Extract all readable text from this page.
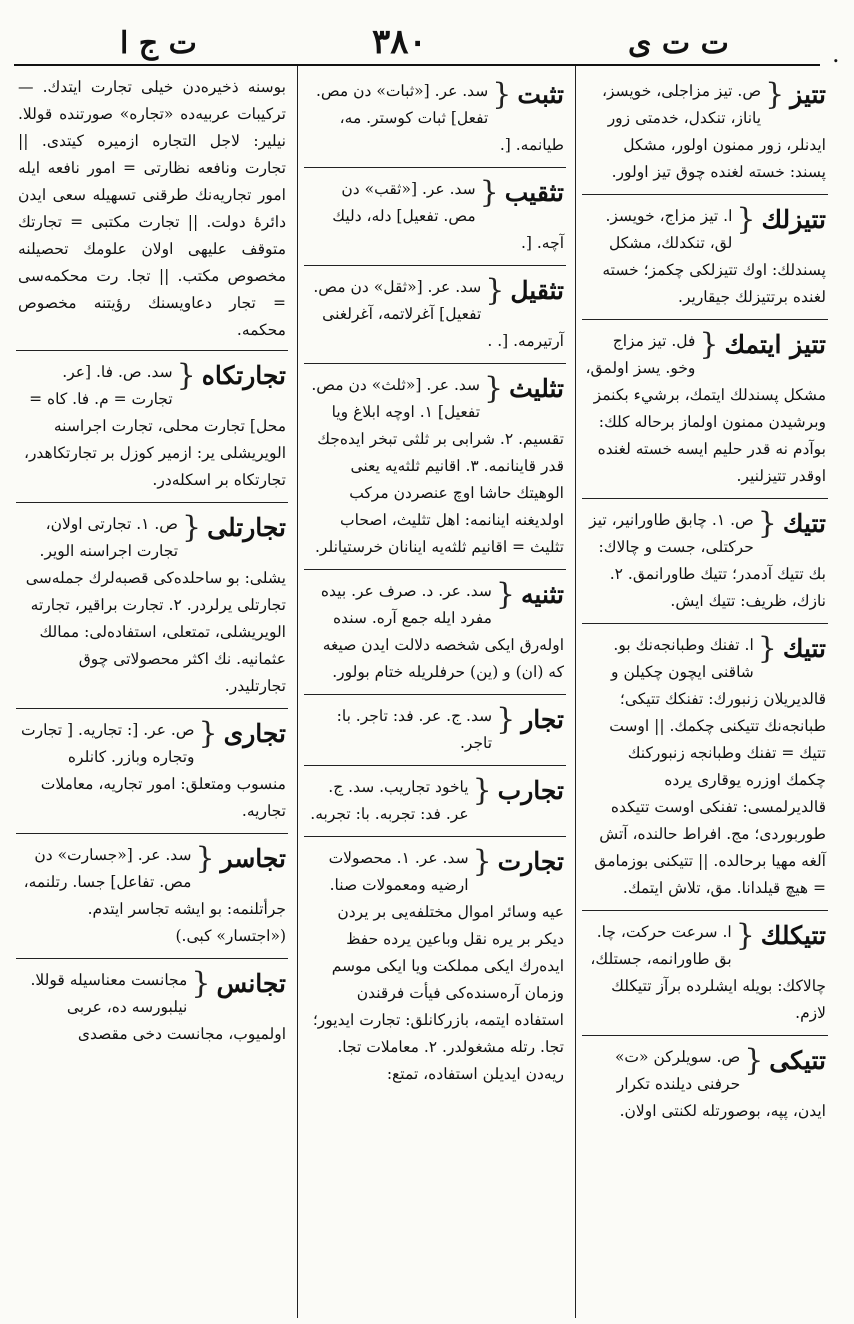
ت ج ا	٣٨٠	ت ت ى	.
تتيز
{
ص. تيز مزاجلى، خويسز، ياناز، تنكدل، خدمتى زور ايدنلر، زور ممنون اولور، مشكل پسند: خسته لغنده چوق تيز اولور.
تتيزلك
{
ا. تيز مزاج، خويسز. لق، تنكدلك، مشكل پسندلك: اوك تتيزلكى چكمز؛ خسته لغنده برتتيزلك جيقارير.
تتيز ايتمك
{
فل. تيز مزاج وخو. يسز اولمق، مشكل پسندلك ايتمك، برشيء بكنمز وبرشيدن ممنون اولماز برحاله كلك: بوآدم نه قدر حليم ايسه خسته لغنده اوقدر تتيزلنير.
تتيك
{
ص. ١. چابق طاورانير، تيز حركتلى، جست و چالاك: بك تتيك آدمدر؛ تتيك طاورانمق. ٢. نازك، ظريف: تتيك ايش.
تتيك
{
ا. تفنك وطبانجه‌نك بو. شاقنى ايچون چكيلن و قالديريلان زنبورك: تفنكك تتيكى؛ طبانجه‌نك تتيكنى چكمك. || اوست تتيك = تفنك وطبانجه زنبوركنك چكمك اوزره يوقارى يرده قالديرلمسى: تفنكى اوست تتيكده طوربوردى؛ مج. افراط حالنده، آتش آلغه مهيا برحالده. || تتيكنى بوزمامق = هيچ قيلدانا. مق، تلاش ايتمك.
تتيكلك
{
ا. سرعت حركت، چا. بق طاورانمه، جستلك، چالاكك: بويله ايشلرده برآز تتيكلك لازم.
تتيكى
{
ص. سويلركن «ت» حرفنى ديلنده تكرار ايدن، پپه، بوصورتله لكنتى اولان.
تثبت
{
سد. عر. [«ثبات» دن مص. تفعل] ثبات كوستر. مه، طيانمه. [.
تثقيب
{
سد. عر. [«ثقب» دن مص. تفعيل] دله، دليك آچه. [.
تثقيل
{
سد. عر. [«ثقل» دن مص. تفعيل] آغرلاتمه، آغرلغنى آرتيرمه. [. .
تثليث
{
سد. عر. [«ثلث» دن مص. تفعيل] ١. اوچه ابلاغ ويا تقسيم. ٢. شرابى بر ثلثى تبخر ايده‌جك قدر قاينانمه. ٣. اقانيم ثلثه‌يه يعنى الوهيتك حاشا اوچ عنصردن مركب اولديغنه اينانمه: اهل تثليث، اصحاب تثليث = اقانيم ثلثه‌يه اينانان خرستيانلر.
تثنيه
{
سد. عر. د. صرف عر. بيده مفرد ايله جمع آره. سنده اوله‌رق ايكى شخصه دلالت ايدن صيغه كه (ان) و (ين) حرفلريله ختام بولور.
تجار
{
سد. ج. عر. فد: تاجر. با: تاجر.
تجارب
{
ياخود تجاريب. سد. ج. عر. فد: تجربه. با: تجربه.
تجارت
{
سد. عر. ١. محصولات ارضيه ومعمولات صنا. عيه وسائر اموال مختلفه‌يى بر يردن ديكر بر يره نقل وباعين يرده حفظ ايده‌رك ايكى مملكت ويا ايكى موسم وزمان آره‌سنده‌كى فيأت فرقندن استفاده ايتمه، بازركانلق: تجارت ايديور؛ تجا. رتله مشغولدر. ٢. معاملات تجا. ريه‌دن ايديلن استفاده، تمتع:
بوسنه ذخيره‌دن خيلى تجارت ايتدك. — تركيبات عربيه‌ده «تجاره» صورتنده قوللا. نيلير: لاجل التجاره ازميره كيتدى. || تجارت ونافعه نظارتى = امور نافعه ايله امور تجاريه‌نك طرقنى تسهيله سعى ايدن دائرهٔ دولت. || تجارت مكتبى = تجارتك متوقف عليهى اولان علومك تحصيلنه مخصوص مكتب. || تجا. رت محكمه‌سى = تجار دعاويسنك رؤيتنه مخصوص محكمه.
تجارتكاه
{
سد. ص. فا. [عر. تجارت = م. فا. كاه = محل] تجارت محلى، تجارت اجراسنه الويريشلى ير: ازمير كوزل بر تجارتكاهدر، تجارتكاه بر اسكله‌در.
تجارتلى
{
ص. ١. تجارتى اولان، تجارت اجراسنه الوير. يشلى: بو ساحلده‌كى قصبه‌لرك جمله‌سى تجارتلى يرلردر. ٢. تجارت براقير، تجارته الويريشلى، تمتعلى، استفاده‌لى: ممالك عثمانيه. نك اكثر محصولاتى چوق تجارتليدر.
تجارى
{
ص. عر. [: تجاريه. [ تجارت وتجاره وبازر. كانلره منسوب ومتعلق: امور تجاريه، معاملات تجاريه.
تجاسر
{
سد. عر. [«جسارت» دن مص. تفاعل] جسا. رتلنمه، جرأتلنمه: بو ايشه تجاسر ايتدم. («اجتسار» كبى.)
تجانس
{
مجانست معناسيله قوللا. نيلبورسه ده، عربى اولميوب، مجانست دخى مقصدى
